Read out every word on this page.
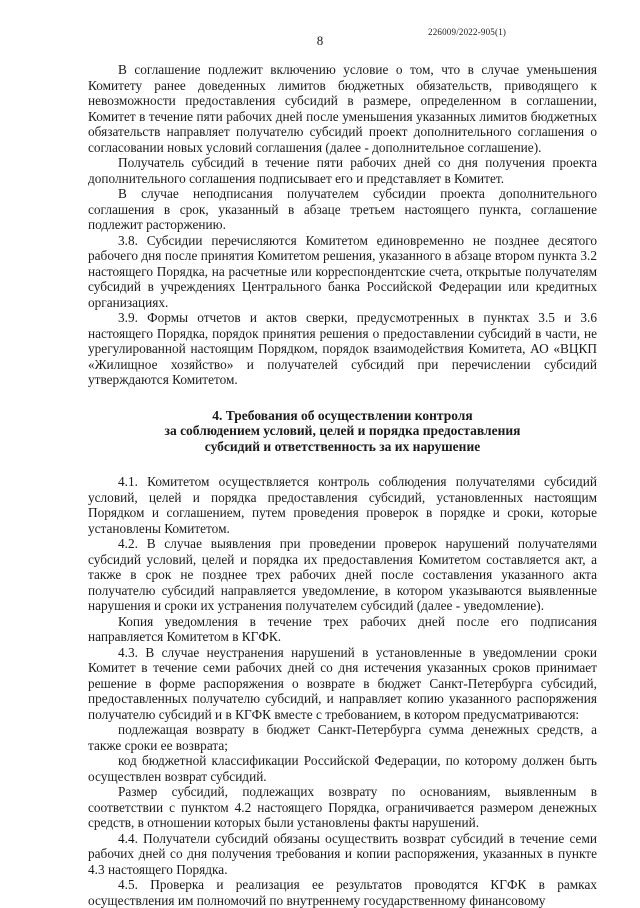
226009/2022-905(1)
8

В соглашение подлежит включению условие о том, что в случае уменьшения Комитету ранее доведенных лимитов бюджетных обязательств, приводящего к невозможности предоставления субсидий в размере, определенном в соглашении, Комитет в течение пяти рабочих дней после уменьшения указанных лимитов бюджетных обязательств направляет получателю субсидий проект дополнительного соглашения о согласовании новых условий соглашения (далее - дополнительное соглашение).

Получатель субсидий в течение пяти рабочих дней со дня получения проекта дополнительного соглашения подписывает его и представляет в Комитет.

В случае неподписания получателем субсидии проекта дополнительного соглашения в срок, указанный в абзаце третьем настоящего пункта, соглашение подлежит расторжению.

3.8. Субсидии перечисляются Комитетом единовременно не позднее десятого рабочего дня после принятия Комитетом решения, указанного в абзаце втором пункта 3.2 настоящего Порядка, на расчетные или корреспондентские счета, открытые получателям субсидий в учреждениях Центрального банка Российской Федерации или кредитных организациях.

3.9. Формы отчетов и актов сверки, предусмотренных в пунктах 3.5 и 3.6 настоящего Порядка, порядок принятия решения о предоставлении субсидий в части, не урегулированной настоящим Порядком, порядок взаимодействия Комитета, АО «ВЦКП «Жилищное хозяйство» и получателей субсидий при перечислении субсидий утверждаются Комитетом.

4. Требования об осуществлении контроля
за соблюдением условий, целей и порядка предоставления
субсидий и ответственность за их нарушение

4.1. Комитетом осуществляется контроль соблюдения получателями субсидий условий, целей и порядка предоставления субсидий, установленных настоящим Порядком и соглашением, путем проведения проверок в порядке и сроки, которые установлены Комитетом.

4.2. В случае выявления при проведении проверок нарушений получателями субсидий условий, целей и порядка их предоставления Комитетом составляется акт, а также в срок не позднее трех рабочих дней после составления указанного акта получателю субсидий направляется уведомление, в котором указываются выявленные нарушения и сроки их устранения получателем субсидий (далее - уведомление).

Копия уведомления в течение трех рабочих дней после его подписания направляется Комитетом в КГФК.

4.3. В случае неустранения нарушений в установленные в уведомлении сроки Комитет в течение семи рабочих дней со дня истечения указанных сроков принимает решение в форме распоряжения о возврате в бюджет Санкт-Петербурга субсидий, предоставленных получателю субсидий, и направляет копию указанного распоряжения получателю субсидий и в КГФК вместе с требованием, в котором предусматриваются:

подлежащая возврату в бюджет Санкт-Петербурга сумма денежных средств, а также сроки ее возврата;

код бюджетной классификации Российской Федерации, по которому должен быть осуществлен возврат субсидий.

Размер субсидий, подлежащих возврату по основаниям, выявленным в соответствии с пунктом 4.2 настоящего Порядка, ограничивается размером денежных средств, в отношении которых были установлены факты нарушений.

4.4. Получатели субсидий обязаны осуществить возврат субсидий в течение семи рабочих дней со дня получения требования и копии распоряжения, указанных в пункте 4.3 настоящего Порядка.

4.5. Проверка и реализация ее результатов проводятся КГФК в рамках осуществления им полномочий по внутреннему государственному финансовому
